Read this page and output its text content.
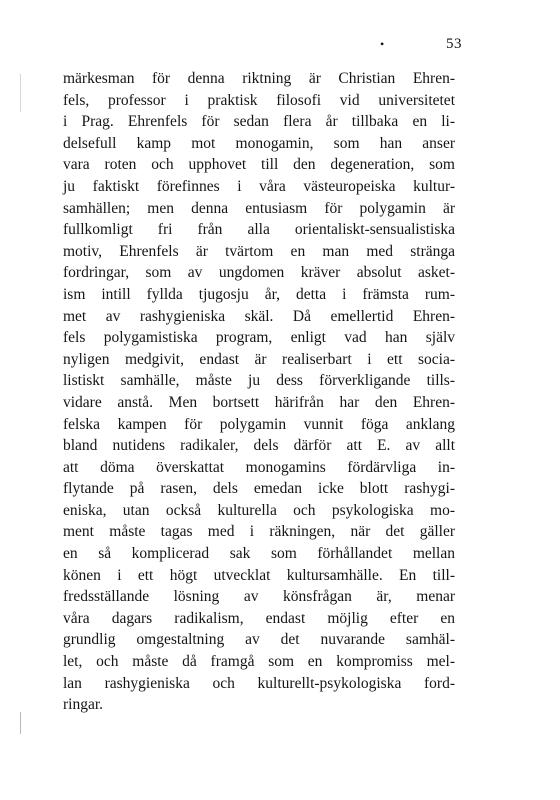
•	53
märkesman för denna riktning är Christian Ehren-
fels, professor i praktisk filosofi vid universitetet
i Prag. Ehrenfels för sedan flera år tillbaka en li-
delsefull kamp mot monogamin, som han anser
vara roten och upphovet till den degeneration, som
ju faktiskt förefinnes i våra västeuropeiska kultur-
samhällen; men denna entusiasm för polygamin är
fullkomligt fri från alla orientaliskt-sensualistiska
motiv, Ehrenfels är tvärtom en man med stränga
fordringar, som av ungdomen kräver absolut asket-
ism intill fyllda tjugosju år, detta i främsta rum-
met av rashygieniska skäl. Då emellertid Ehren-
fels polygamistiska program, enligt vad han själv
nyligen medgivit, endast är realiserbart i ett socia-
listiskt samhälle, måste ju dess förverkligande tills-
vidare anstå. Men bortsett härifrån har den Ehren-
felska kampen för polygamin vunnit föga anklang
bland nutidens radikaler, dels därför att E. av allt
att döma överskattat monogamins fördärvliga in-
flytande på rasen, dels emedan icke blott rashygi-
eniska, utan också kulturella och psykologiska mo-
ment måste tagas med i räkningen, när det gäller
en så komplicerad sak som förhållandet mellan
könen i ett högt utvecklat kultursamhälle. En till-
fredsställande lösning av könsfrågan är, menar
våra dagars radikalism, endast möjlig efter en
grundlig omgestaltning av det nuvarande samhäl-
let, och måste då framgå som en kompromiss mel-
lan rashygieniska och kulturellt-psykologiska ford-
ringar.
